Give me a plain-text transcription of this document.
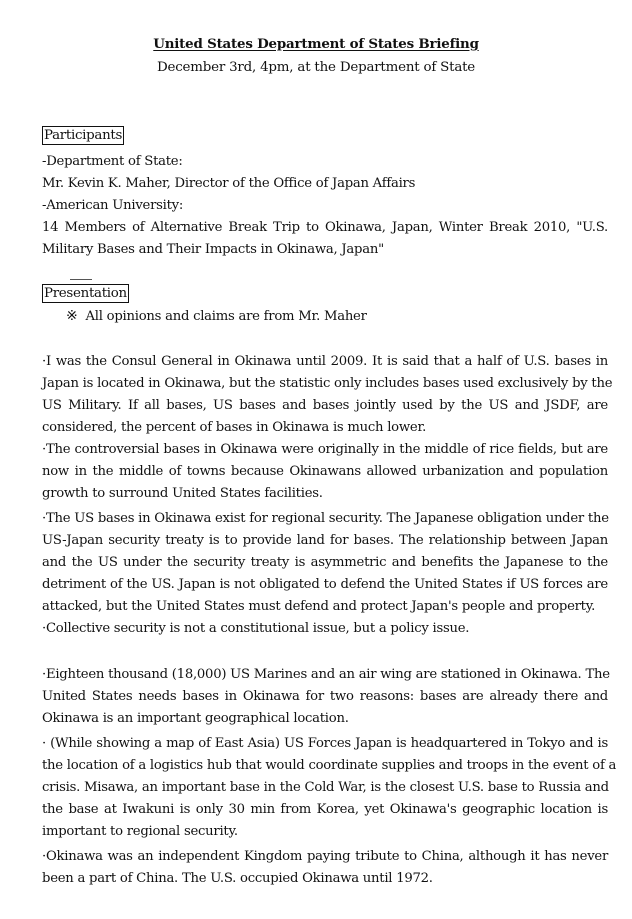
United States Department of States Briefing
December 3rd, 4pm, at the Department of State
Participants
-Department of State:
Mr. Kevin K. Maher, Director of the Office of Japan Affairs
-American University:
14 Members of Alternative Break Trip to Okinawa, Japan, Winter Break 2010, "U.S.
Military Bases and Their Impacts in Okinawa, Japan"
Presentation
※ All opinions and claims are from Mr. Maher
·I was the Consul General in Okinawa until 2009. It is said that a half of U.S. bases in
Japan is located in Okinawa, but the statistic only includes bases used exclusively by the
US Military. If all bases, US bases and bases jointly used by the US and JSDF, are
considered, the percent of bases in Okinawa is much lower.
·The controversial bases in Okinawa were originally in the middle of rice fields, but are
now in the middle of towns because Okinawans allowed urbanization and population
growth to surround United States facilities.
·The US bases in Okinawa exist for regional security. The Japanese obligation under the
US-Japan security treaty is to provide land for bases. The relationship between Japan
and the US under the security treaty is asymmetric and benefits the Japanese to the
detriment of the US. Japan is not obligated to defend the United States if US forces are
attacked, but the United States must defend and protect Japan's people and property.
·Collective security is not a constitutional issue, but a policy issue.
·Eighteen thousand (18,000) US Marines and an air wing are stationed in Okinawa. The
United States needs bases in Okinawa for two reasons: bases are already there and
Okinawa is an important geographical location.
· (While showing a map of East Asia) US Forces Japan is headquartered in Tokyo and is
the location of a logistics hub that would coordinate supplies and troops in the event of a
crisis. Misawa, an important base in the Cold War, is the closest U.S. base to Russia and
the base at Iwakuni is only 30 min from Korea, yet Okinawa's geographic location is
important to regional security.
·Okinawa was an independent Kingdom paying tribute to China, although it has never
been a part of China. The U.S. occupied Okinawa until 1972.
